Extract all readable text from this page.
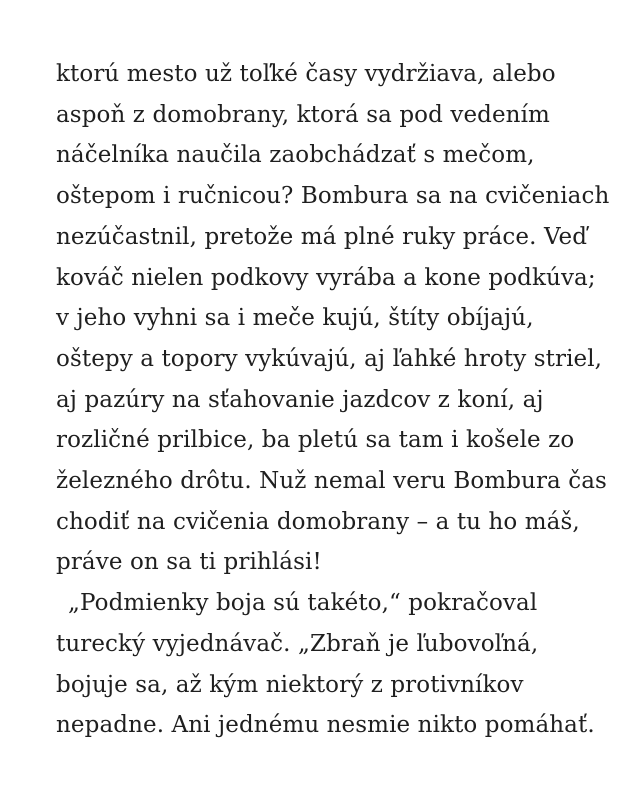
ktorú mesto už toľké časy vydržiava, alebo
aspoň z domobrany, ktorá sa pod vedením
náčelníka naučila zaobchádzať s mečom,
oštepom i ručnicou? Bombura sa na cvičeniach
nezúčastnil, pretože má plné ruky práce. Veď
kováč nielen podkovy vyrába a kone podkúva;
v jeho vyhni sa i meče kujú, štíty obíjajú,
oštepy a topory vykúvajú, aj ľahké hroty striel,
aj pazúry na sťahovanie jazdcov z koní, aj
rozličné prilbice, ba pletú sa tam i košele zo
železného drôtu. Nuž nemal veru Bombura čas
chodiť na cvičenia domobrany – a tu ho máš,
práve on sa ti prihlási!
„Podmienky boja sú takéto,“ pokračoval
turecký vyjednávač. „Zbraň je ľubovoľná,
bojuje sa, až kým niektorý z protivníkov
nepadne. Ani jednému nesmie nikto pomáhať.
